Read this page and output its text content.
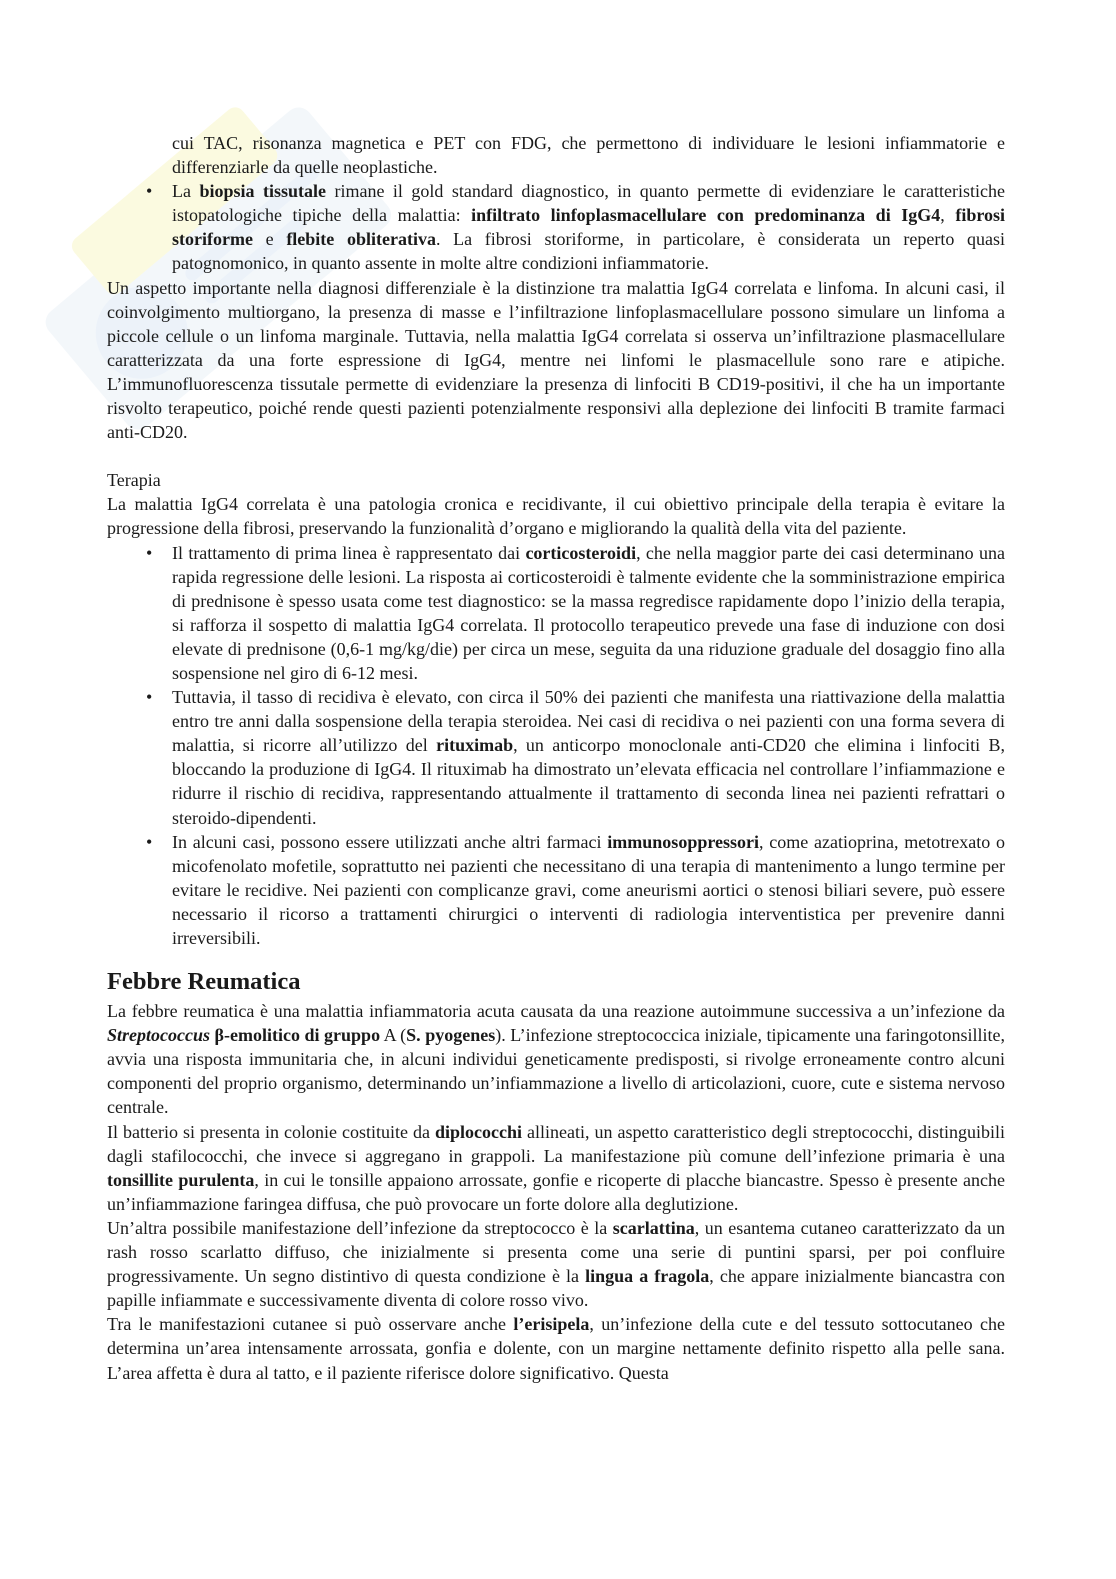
cui TAC, risonanza magnetica e PET con FDG, che permettono di individuare le lesioni infiammatorie e differenziarle da quelle neoplastiche.

• La biopsia tissutale rimane il gold standard diagnostico, in quanto permette di evidenziare le caratteristiche istopatologiche tipiche della malattia: infiltrato linfoplasmacellulare con predominanza di IgG4, fibrosi storiforme e flebite obliterativa. La fibrosi storiforme, in particolare, è considerata un reperto quasi patognomonico, in quanto assente in molte altre condizioni infiammatorie.

Un aspetto importante nella diagnosi differenziale è la distinzione tra malattia IgG4 correlata e linfoma. In alcuni casi, il coinvolgimento multiorgano, la presenza di masse e l’infiltrazione linfoplasmacellulare possono simulare un linfoma a piccole cellule o un linfoma marginale. Tuttavia, nella malattia IgG4 correlata si osserva un’infiltrazione plasmacellulare caratterizzata da una forte espressione di IgG4, mentre nei linfomi le plasmacellule sono rare e atipiche. L’immunofluorescenza tissutale permette di evidenziare la presenza di linfociti B CD19-positivi, il che ha un importante risvolto terapeutico, poiché rende questi pazienti potenzialmente responsivi alla deplezione dei linfociti B tramite farmaci anti-CD20.

Terapia

La malattia IgG4 correlata è una patologia cronica e recidivante, il cui obiettivo principale della terapia è evitare la progressione della fibrosi, preservando la funzionalità d’organo e migliorando la qualità della vita del paziente.

• Il trattamento di prima linea è rappresentato dai corticosteroidi, che nella maggior parte dei casi determinano una rapida regressione delle lesioni. La risposta ai corticosteroidi è talmente evidente che la somministrazione empirica di prednisone è spesso usata come test diagnostico: se la massa regredisce rapidamente dopo l’inizio della terapia, si rafforza il sospetto di malattia IgG4 correlata. Il protocollo terapeutico prevede una fase di induzione con dosi elevate di prednisone (0,6-1 mg/kg/die) per circa un mese, seguita da una riduzione graduale del dosaggio fino alla sospensione nel giro di 6-12 mesi.
• Tuttavia, il tasso di recidiva è elevato, con circa il 50% dei pazienti che manifesta una riattivazione della malattia entro tre anni dalla sospensione della terapia steroidea. Nei casi di recidiva o nei pazienti con una forma severa di malattia, si ricorre all’utilizzo del rituximab, un anticorpo monoclonale anti-CD20 che elimina i linfociti B, bloccando la produzione di IgG4. Il rituximab ha dimostrato un’elevata efficacia nel controllare l’infiammazione e ridurre il rischio di recidiva, rappresentando attualmente il trattamento di seconda linea nei pazienti refrattari o steroido-dipendenti.
• In alcuni casi, possono essere utilizzati anche altri farmaci immunosoppressori, come azatioprina, metotrexato o micofenolato mofetile, soprattutto nei pazienti che necessitano di una terapia di mantenimento a lungo termine per evitare le recidive. Nei pazienti con complicanze gravi, come aneurismi aortici o stenosi biliari severe, può essere necessario il ricorso a trattamenti chirurgici o interventi di radiologia interventistica per prevenire danni irreversibili.
Febbre Reumatica

La febbre reumatica è una malattia infiammatoria acuta causata da una reazione autoimmune successiva a un’infezione da Streptococcus β-emolitico di gruppo A (S. pyogenes). L’infezione streptococcica iniziale, tipicamente una faringotonsillite, avvia una risposta immunitaria che, in alcuni individui geneticamente predisposti, si rivolge erroneamente contro alcuni componenti del proprio organismo, determinando un’infiammazione a livello di articolazioni, cuore, cute e sistema nervoso centrale.

Il batterio si presenta in colonie costituite da diplococchi allineati, un aspetto caratteristico degli streptococchi, distinguibili dagli stafilococchi, che invece si aggregano in grappoli. La manifestazione più comune dell’infezione primaria è una tonsillite purulenta, in cui le tonsille appaiono arrossate, gonfie e ricoperte di placche biancastre. Spesso è presente anche un’infiammazione faringea diffusa, che può provocare un forte dolore alla deglutizione.

Un’altra possibile manifestazione dell’infezione da streptococco è la scarlattina, un esantema cutaneo caratterizzato da un rash rosso scarlatto diffuso, che inizialmente si presenta come una serie di puntini sparsi, per poi confluire progressivamente. Un segno distintivo di questa condizione è la lingua a fragola, che appare inizialmente biancastra con papille infiammate e successivamente diventa di colore rosso vivo.

Tra le manifestazioni cutanee si può osservare anche l’erisipela, un’infezione della cute e del tessuto sottocutaneo che determina un’area intensamente arrossata, gonfia e dolente, con un margine nettamente definito rispetto alla pelle sana. L’area affetta è dura al tatto, e il paziente riferisce dolore significativo. Questa
